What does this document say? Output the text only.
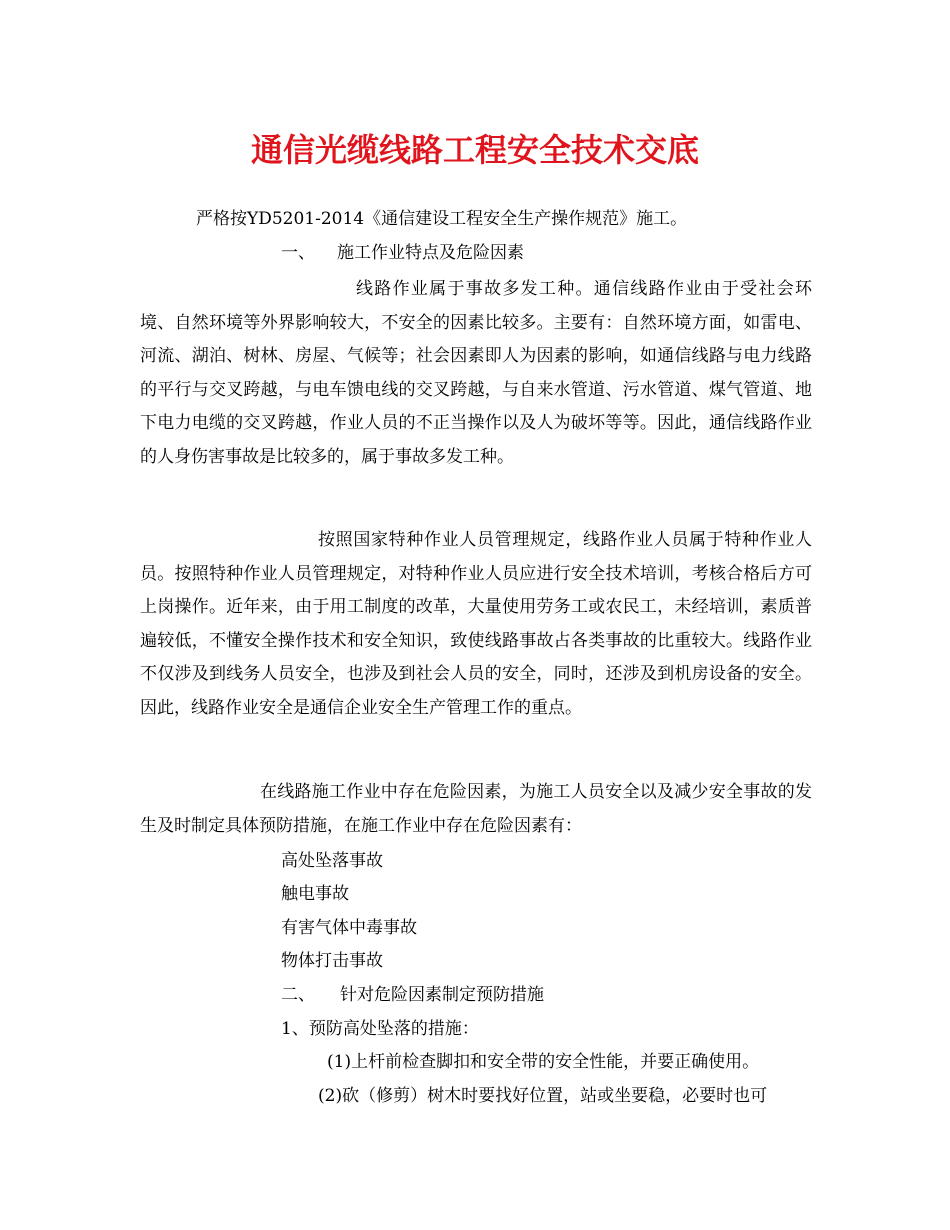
通信光缆线路工程安全技术交底
严格按YD5201-2014《通信建设工程安全生产操作规范》施工。
一、 施工作业特点及危险因素

线路作业属于事故多发工种。通信线路作业由于受社会环境、自然环境等外界影响较大，不安全的因素比较多。主要有：自然环境方面，如雷电、河流、湖泊、树林、房屋、气候等；社会因素即人为因素的影响，如通信线路与电力线路的平行与交叉跨越，与电车馈电线的交叉跨越，与自来水管道、污水管道、煤气管道、地下电力电缆的交叉跨越，作业人员的不正当操作以及人为破坏等等。因此，通信线路作业的人身伤害事故是比较多的，属于事故多发工种。

按照国家特种作业人员管理规定，线路作业人员属于特种作业人员。按照特种作业人员管理规定，对特种作业人员应进行安全技术培训，考核合格后方可上岗操作。近年来，由于用工制度的改革，大量使用劳务工或农民工，未经培训，素质普遍较低，不懂安全操作技术和安全知识，致使线路事故占各类事故的比重较大。线路作业不仅涉及到线务人员安全，也涉及到社会人员的安全，同时，还涉及到机房设备的安全。因此，线路作业安全是通信企业安全生产管理工作的重点。

在线路施工作业中存在危险因素，为施工人员安全以及减少安全事故的发生及时制定具体预防措施，在施工作业中存在危险因素有：

高处坠落事故
触电事故
有害气体中毒事故
物体打击事故
二、 针对危险因素制定预防措施
1、预防高处坠落的措施：
(1)上杆前检查脚扣和安全带的安全性能，并要正确使用。
(2)砍（修剪）树木时要找好位置，站或坐要稳，必要时也可
